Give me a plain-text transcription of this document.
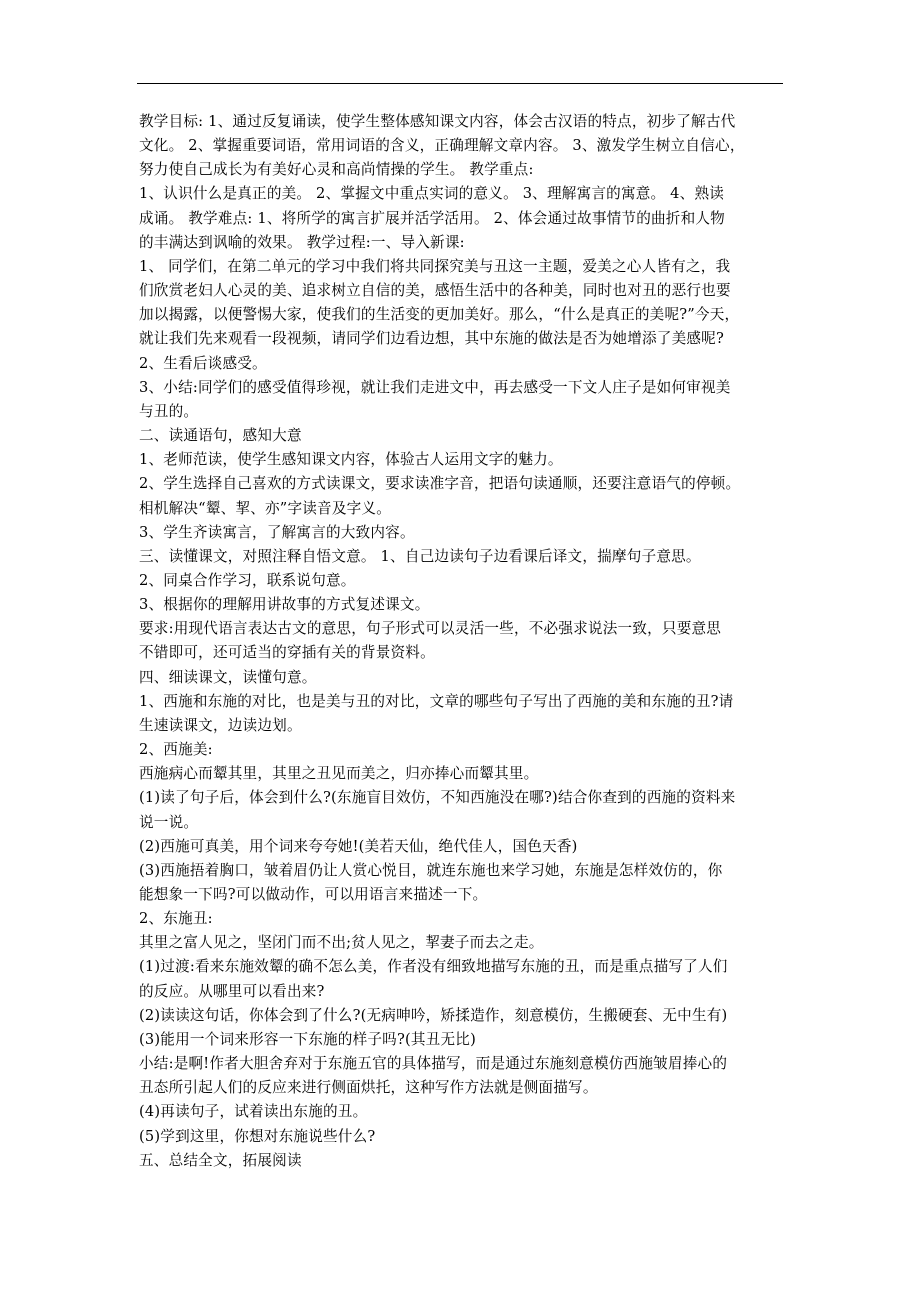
教学目标: 1、通过反复诵读，使学生整体感知课文内容，体会古汉语的特点，初步了解古代
文化。 2、掌握重要词语，常用词语的含义，正确理解文章内容。 3、激发学生树立自信心，
努力使自己成长为有美好心灵和高尚情操的学生。 教学重点:
1、认识什么是真正的美。 2、掌握文中重点实词的意义。 3、理解寓言的寓意。 4、熟读
成诵。 教学难点: 1、将所学的寓言扩展并活学活用。 2、体会通过故事情节的曲折和人物
的丰满达到讽喻的效果。 教学过程:一、导入新课:
1、 同学们，在第二单元的学习中我们将共同探究美与丑这一主题，爱美之心人皆有之，我
们欣赏老妇人心灵的美、追求树立自信的美，感悟生活中的各种美，同时也对丑的恶行也要
加以揭露，以便警惕大家，使我们的生活变的更加美好。那么，“什么是真正的美呢?”今天，
就让我们先来观看一段视频，请同学们边看边想，其中东施的做法是否为她增添了美感呢?
2、生看后谈感受。
3、小结:同学们的感受值得珍视，就让我们走进文中，再去感受一下文人庄子是如何审视美
与丑的。
二、读通语句，感知大意
1、老师范读，使学生感知课文内容，体验古人运用文字的魅力。
2、学生选择自己喜欢的方式读课文，要求读准字音，把语句读通顺，还要注意语气的停顿。
相机解决“颦、挈、亦”字读音及字义。
3、学生齐读寓言，了解寓言的大致内容。
三、读懂课文，对照注释自悟文意。 1、自己边读句子边看课后译文，揣摩句子意思。
2、同桌合作学习，联系说句意。
3、根据你的理解用讲故事的方式复述课文。
要求:用现代语言表达古文的意思，句子形式可以灵活一些，不必强求说法一致，只要意思
不错即可，还可适当的穿插有关的背景资料。
四、细读课文，读懂句意。
1、西施和东施的对比，也是美与丑的对比，文章的哪些句子写出了西施的美和东施的丑?请
生速读课文，边读边划。
2、西施美:
西施病心而颦其里，其里之丑见而美之，归亦捧心而颦其里。
(1)读了句子后，体会到什么?(东施盲目效仿，不知西施没在哪?)结合你查到的西施的资料来
说一说。
(2)西施可真美，用个词来夸夸她!(美若天仙，绝代佳人，国色天香)
(3)西施捂着胸口，皱着眉仍让人赏心悦目，就连东施也来学习她，东施是怎样效仿的，你
能想象一下吗?可以做动作，可以用语言来描述一下。
2、东施丑:
其里之富人见之，坚闭门而不出;贫人见之，挈妻子而去之走。
(1)过渡:看来东施效颦的确不怎么美，作者没有细致地描写东施的丑，而是重点描写了人们
的反应。从哪里可以看出来?
(2)读读这句话，你体会到了什么?(无病呻吟，矫揉造作，刻意模仿，生搬硬套、无中生有)
(3)能用一个词来形容一下东施的样子吗?(其丑无比)
小结:是啊!作者大胆舍弃对于东施五官的具体描写，而是通过东施刻意模仿西施皱眉捧心的
丑态所引起人们的反应来进行侧面烘托，这种写作方法就是侧面描写。
(4)再读句子，试着读出东施的丑。
(5)学到这里，你想对东施说些什么?
五、总结全文，拓展阅读
